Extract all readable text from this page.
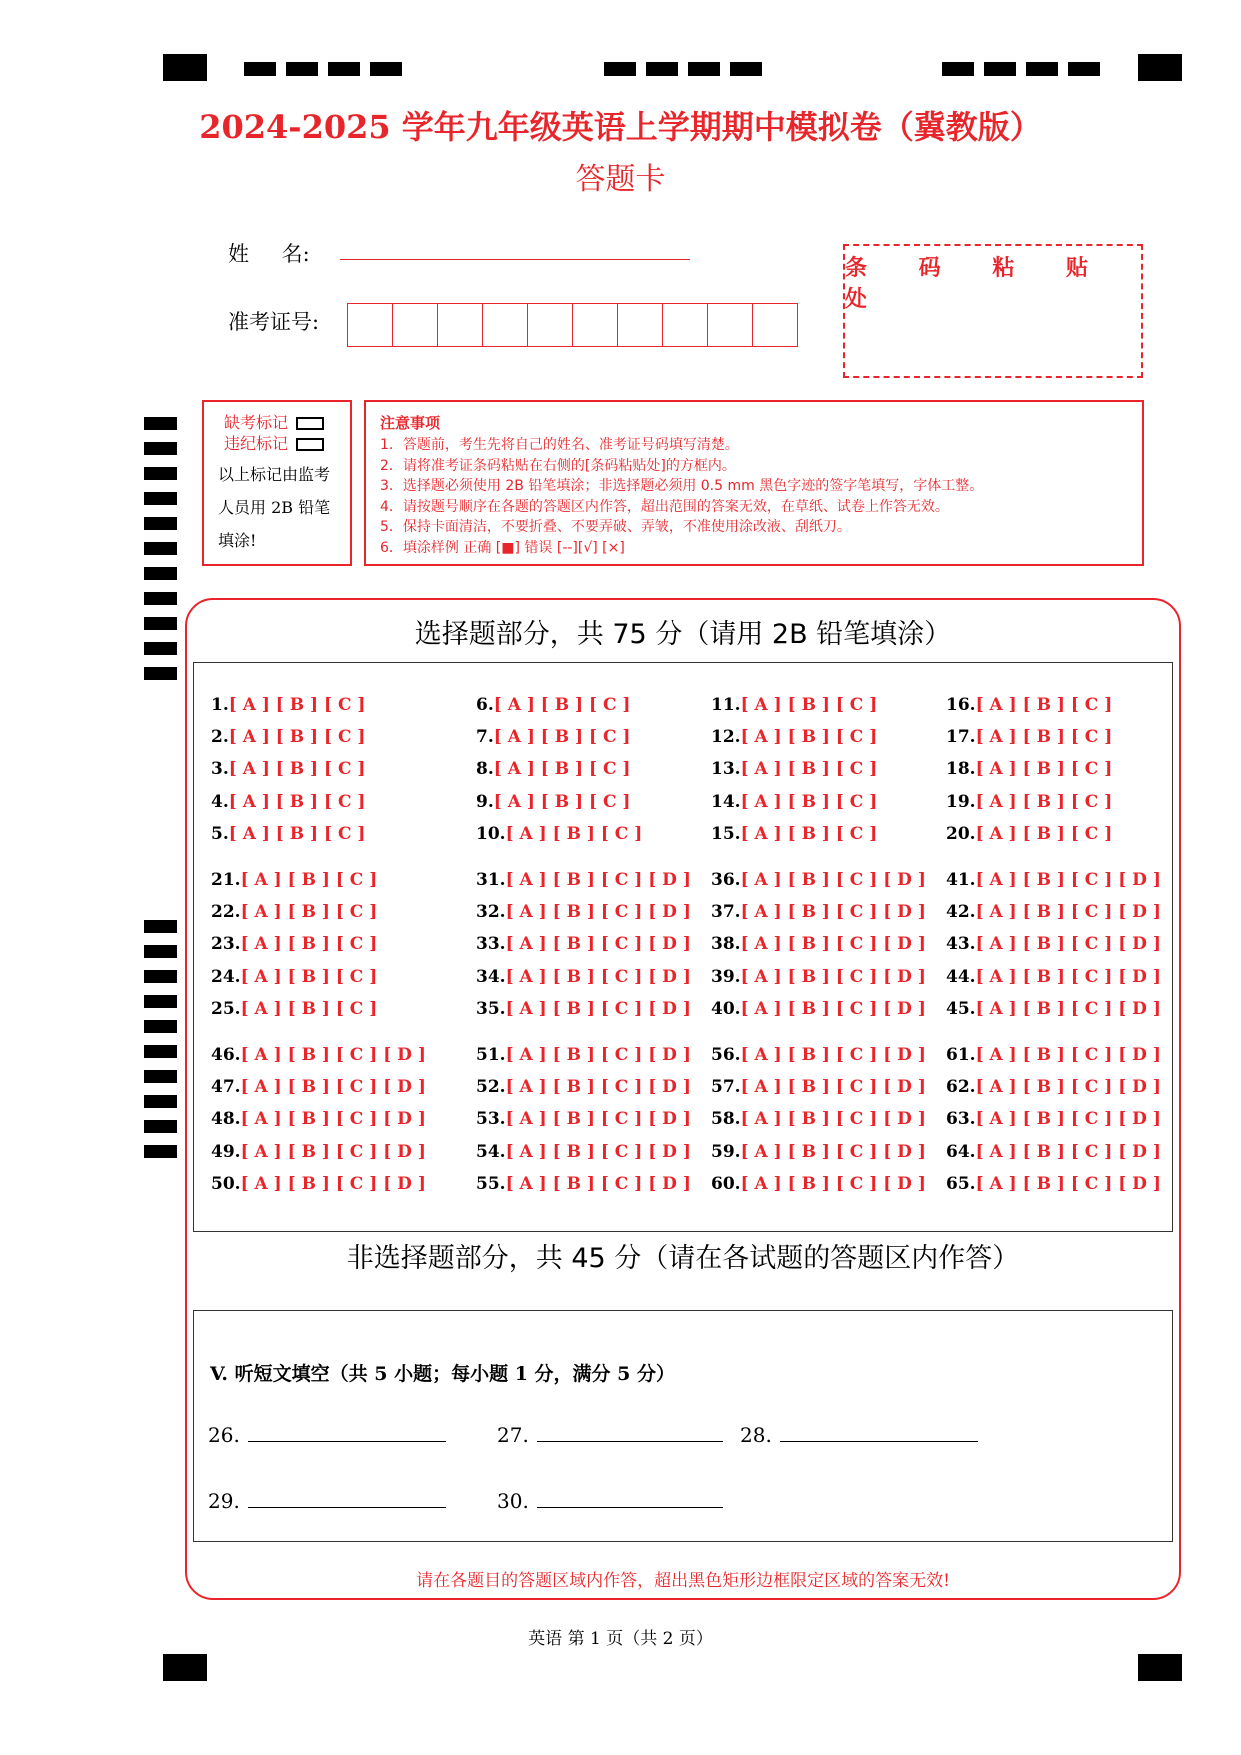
2024-2025 学年九年级英语上学期期中模拟卷（冀教版）
答题卡
姓 名:
准考证号:
条 码 粘 贴 处
缺考标记
违纪标记
以上标记由监考
人员用 2B 铅笔
填涂!
注意事项
1．答题前，考生先将自己的姓名、准考证号码填写清楚。
2．请将准考证条码粘贴在右侧的[条码粘贴处]的方框内。
3．选择题必须使用 2B 铅笔填涂；非选择题必须用 0.5 mm 黑色字迹的签字笔填写，字体工整。
4．请按题号顺序在各题的答题区内作答，超出范围的答案无效，在草纸、试卷上作答无效。
5．保持卡面清洁，不要折叠、不要弄破、弄皱，不准使用涂改液、刮纸刀。
6．填涂样例 正确 [■] 错误 [--][√] [×]
选择题部分，共 75 分（请用 2B 铅笔填涂）
1.[ A ] [ B ] [ C ]
2.[ A ] [ B ] [ C ]
3.[ A ] [ B ] [ C ]
4.[ A ] [ B ] [ C ]
5.[ A ] [ B ] [ C ]
6.[ A ] [ B ] [ C ]
7.[ A ] [ B ] [ C ]
8.[ A ] [ B ] [ C ]
9.[ A ] [ B ] [ C ]
10.[ A ] [ B ] [ C ]
11.[ A ] [ B ] [ C ]
12.[ A ] [ B ] [ C ]
13.[ A ] [ B ] [ C ]
14.[ A ] [ B ] [ C ]
15.[ A ] [ B ] [ C ]
16.[ A ] [ B ] [ C ]
17.[ A ] [ B ] [ C ]
18.[ A ] [ B ] [ C ]
19.[ A ] [ B ] [ C ]
20.[ A ] [ B ] [ C ]
21.[ A ] [ B ] [ C ]
22.[ A ] [ B ] [ C ]
23.[ A ] [ B ] [ C ]
24.[ A ] [ B ] [ C ]
25.[ A ] [ B ] [ C ]
31.[ A ] [ B ] [ C ] [ D ]
32.[ A ] [ B ] [ C ] [ D ]
33.[ A ] [ B ] [ C ] [ D ]
34.[ A ] [ B ] [ C ] [ D ]
35.[ A ] [ B ] [ C ] [ D ]
36.[ A ] [ B ] [ C ] [ D ]
37.[ A ] [ B ] [ C ] [ D ]
38.[ A ] [ B ] [ C ] [ D ]
39.[ A ] [ B ] [ C ] [ D ]
40.[ A ] [ B ] [ C ] [ D ]
41.[ A ] [ B ] [ C ] [ D ]
42.[ A ] [ B ] [ C ] [ D ]
43.[ A ] [ B ] [ C ] [ D ]
44.[ A ] [ B ] [ C ] [ D ]
45.[ A ] [ B ] [ C ] [ D ]
46.[ A ] [ B ] [ C ] [ D ]
47.[ A ] [ B ] [ C ] [ D ]
48.[ A ] [ B ] [ C ] [ D ]
49.[ A ] [ B ] [ C ] [ D ]
50.[ A ] [ B ] [ C ] [ D ]
51.[ A ] [ B ] [ C ] [ D ]
52.[ A ] [ B ] [ C ] [ D ]
53.[ A ] [ B ] [ C ] [ D ]
54.[ A ] [ B ] [ C ] [ D ]
55.[ A ] [ B ] [ C ] [ D ]
56.[ A ] [ B ] [ C ] [ D ]
57.[ A ] [ B ] [ C ] [ D ]
58.[ A ] [ B ] [ C ] [ D ]
59.[ A ] [ B ] [ C ] [ D ]
60.[ A ] [ B ] [ C ] [ D ]
61.[ A ] [ B ] [ C ] [ D ]
62.[ A ] [ B ] [ C ] [ D ]
63.[ A ] [ B ] [ C ] [ D ]
64.[ A ] [ B ] [ C ] [ D ]
65.[ A ] [ B ] [ C ] [ D ]
非选择题部分，共 45 分（请在各试题的答题区内作答）
V. 听短文填空（共 5 小题；每小题 1 分，满分 5 分）
26.	27.	28.
29.	30.
请在各题目的答题区域内作答，超出黑色矩形边框限定区域的答案无效!
英语 第 1 页（共 2 页）
